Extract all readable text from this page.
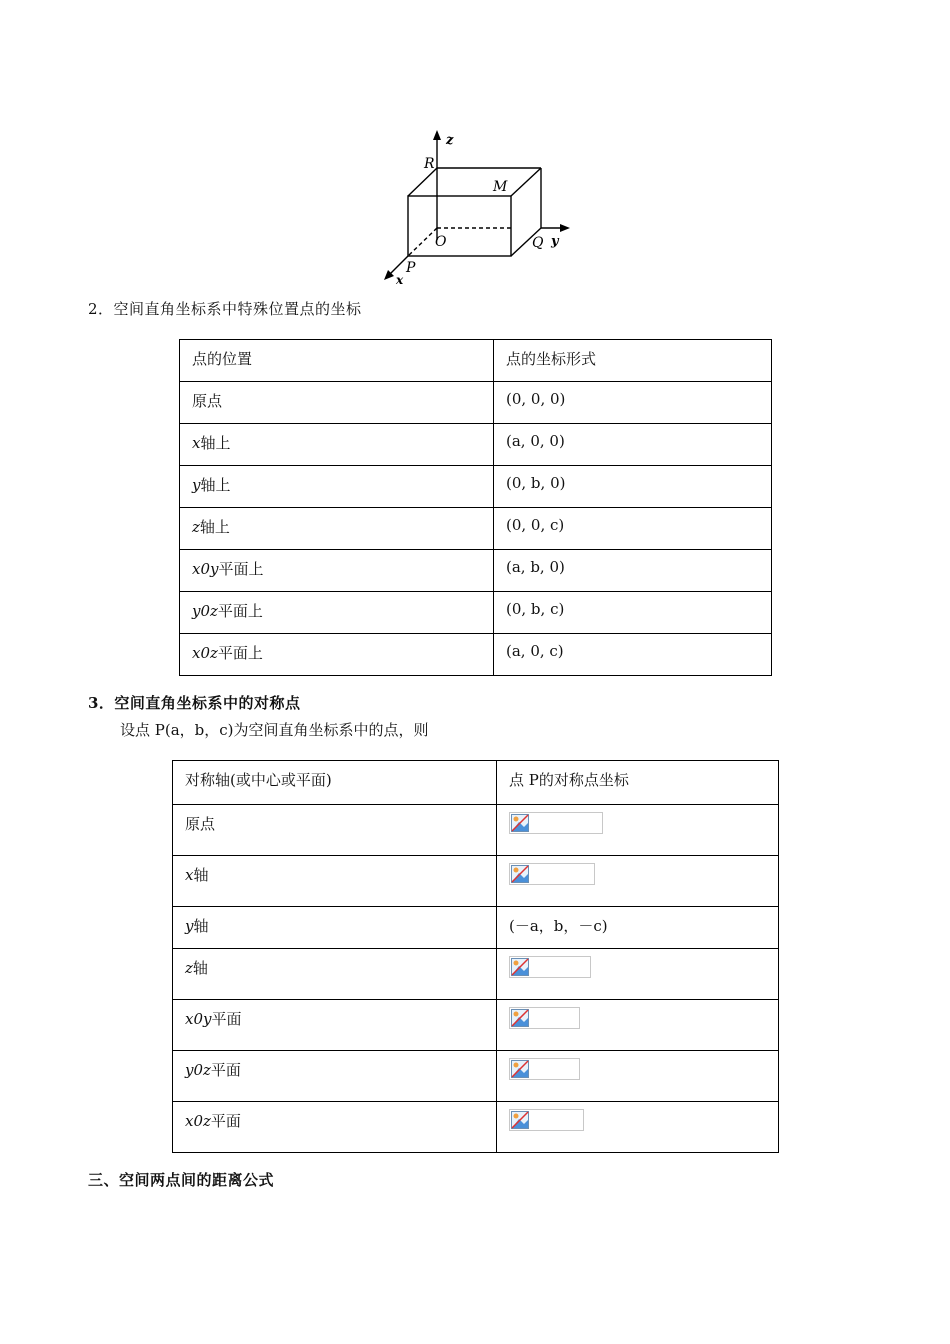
z
R
M
O	Q y
P
x
2．空间直角坐标系中特殊位置点的坐标
点的位置	点的坐标形式
原点	(0, 0, 0)
x轴上	(a, 0, 0)
y轴上	(0, b, 0)
z轴上	(0, 0, c)
x0y平面上	(a, b, 0)
y0z平面上	(0, b, c)
x0z平面上	(a, 0, c)
3．空间直角坐标系中的对称点
设点 P(a，b，c)为空间直角坐标系中的点，则
对称轴(或中心或平面)	点 P的对称点坐标
原点	

x轴	

y轴	(－a，b，－c)
z轴	

x0y平面	

y0z平面	

x0z平面	
三、空间两点间的距离公式
